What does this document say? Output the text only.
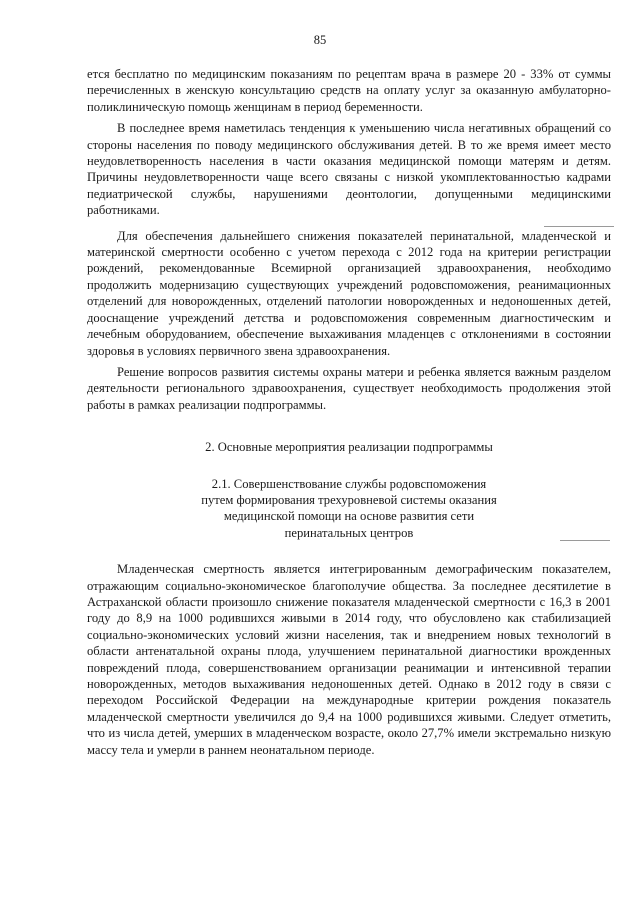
85

ется бесплатно по медицинским показаниям по рецептам врача в размере 20 - 33% от суммы перечисленных в женскую консультацию средств на оплату услуг за оказанную амбулаторно-поликлиническую помощь женщинам в период беременности.

В последнее время наметилась тенденция к уменьшению числа негативных обращений со стороны населения по поводу медицинского обслуживания детей. В то же время имеет место неудовлетворенность населения в части оказания медицинской помощи матерям и детям. Причины неудовлетворенности чаще всего связаны с низкой укомплектованностью кадрами педиатрической службы, нарушениями деонтологии, допущенными медицинскими работниками.

Для обеспечения дальнейшего снижения показателей перинатальной, младенческой и материнской смертности особенно с учетом перехода с 2012 года на критерии регистрации рождений, рекомендованные Всемирной организацией здравоохранения, необходимо продолжить модернизацию существующих учреждений родовспоможения, реанимационных отделений для новорожденных, отделений патологии новорожденных и недоношенных детей, дооснащение учреждений детства и родовспоможения современным диагностическим и лечебным оборудованием, обеспечение выхаживания младенцев с отклонениями в состоянии здоровья в условиях первичного звена здравоохранения.

Решение вопросов развития системы охраны матери и ребенка является важным разделом деятельности регионального здравоохранения, существует необходимость продолжения этой работы в рамках реализации подпрограммы.

2. Основные мероприятия реализации подпрограммы

2.1. Совершенствование службы родовспоможения
путем формирования трехуровневой системы оказания
медицинской помощи на основе развития сети
перинатальных центров

Младенческая смертность является интегрированным демографическим показателем, отражающим социально-экономическое благополучие общества. За последнее десятилетие в Астраханской области произошло снижение показателя младенческой смертности с 16,3 в 2001 году до 8,9 на 1000 родившихся живыми в 2014 году, что обусловлено как стабилизацией социально-экономических условий жизни населения, так и внедрением новых технологий в области антенатальной охраны плода, улучшением перинатальной диагностики врожденных повреждений плода, совершенствованием организации реанимации и интенсивной терапии новорожденных, методов выхаживания недоношенных детей. Однако в 2012 году в связи с переходом Российской Федерации на международные критерии рождения показатель младенческой смертности увеличился до 9,4 на 1000 родившихся живыми. Следует отметить, что из числа детей, умерших в младенческом возрасте, около 27,7% имели экстремально низкую массу тела и умерли в раннем неонатальном периоде.
